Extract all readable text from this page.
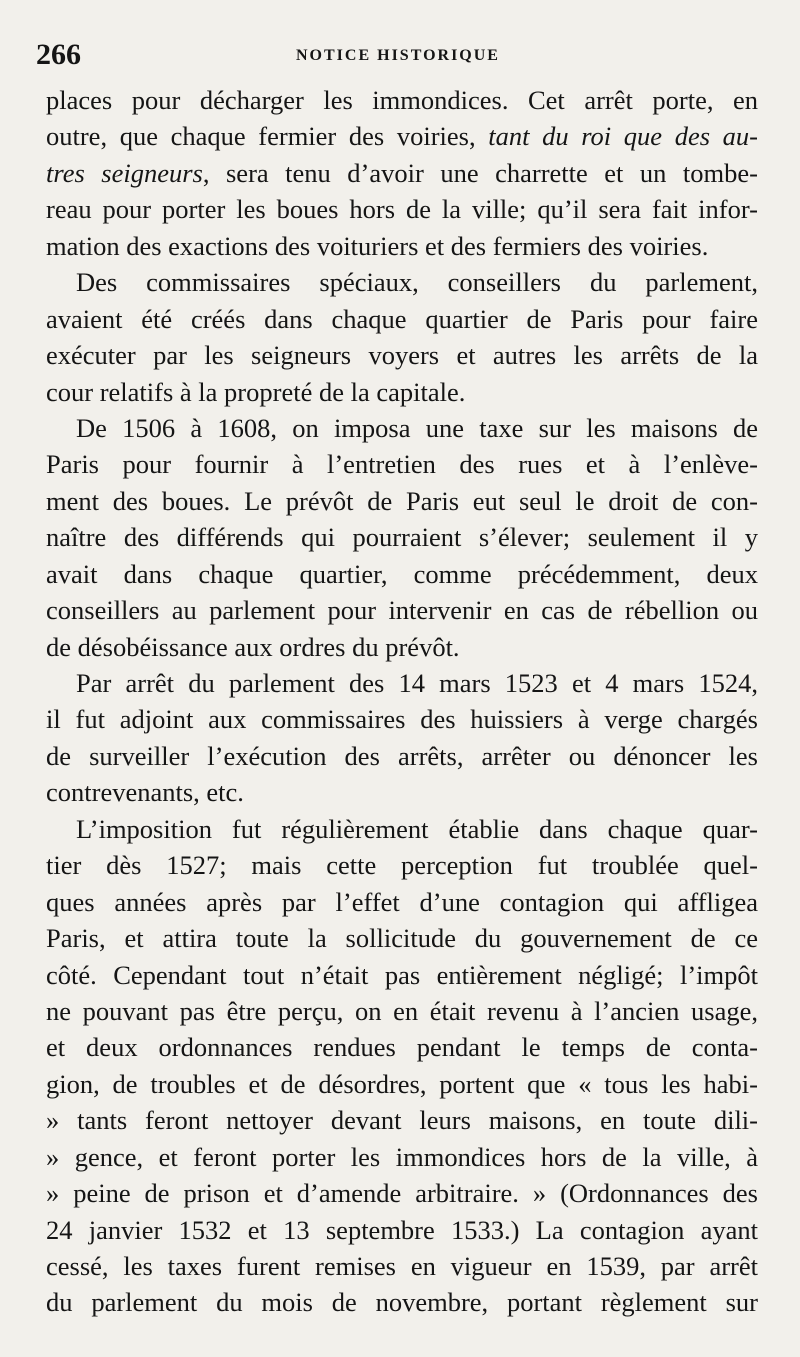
266	NOTICE HISTORIQUE
places pour décharger les immondices. Cet arrêt porte, en
outre, que chaque fermier des voiries, tant du roi que des au-
tres seigneurs, sera tenu d’avoir une charrette et un tombe-
reau pour porter les boues hors de la ville; qu’il sera fait infor-
mation des exactions des voituriers et des fermiers des voiries.
Des commissaires spéciaux, conseillers du parlement,
avaient été créés dans chaque quartier de Paris pour faire
exécuter par les seigneurs voyers et autres les arrêts de la
cour relatifs à la propreté de la capitale.
De 1506 à 1608, on imposa une taxe sur les maisons de
Paris pour fournir à l’entretien des rues et à l’enlève-
ment des boues. Le prévôt de Paris eut seul le droit de con-
naître des différends qui pourraient s’élever; seulement il y
avait dans chaque quartier, comme précédemment, deux
conseillers au parlement pour intervenir en cas de rébellion ou
de désobéissance aux ordres du prévôt.
Par arrêt du parlement des 14 mars 1523 et 4 mars 1524,
il fut adjoint aux commissaires des huissiers à verge chargés
de surveiller l’exécution des arrêts, arrêter ou dénoncer les
contrevenants, etc.
L’imposition fut régulièrement établie dans chaque quar-
tier dès 1527; mais cette perception fut troublée quel-
ques années après par l’effet d’une contagion qui affligea
Paris, et attira toute la sollicitude du gouvernement de ce
côté. Cependant tout n’était pas entièrement négligé; l’impôt
ne pouvant pas être perçu, on en était revenu à l’ancien usage,
et deux ordonnances rendues pendant le temps de conta-
gion, de troubles et de désordres, portent que « tous les habi-
» tants feront nettoyer devant leurs maisons, en toute dili-
» gence, et feront porter les immondices hors de la ville, à
» peine de prison et d’amende arbitraire. » (Ordonnances des
24 janvier 1532 et 13 septembre 1533.) La contagion ayant
cessé, les taxes furent remises en vigueur en 1539, par arrêt
du parlement du mois de novembre, portant règlement sur
